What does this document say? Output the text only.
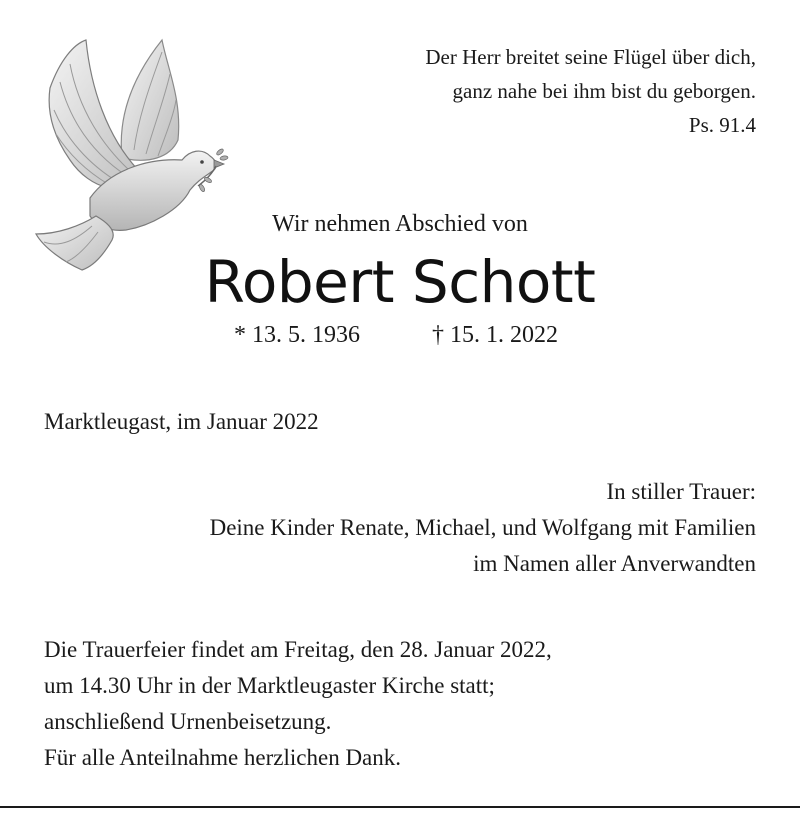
Der Herr breitet seine Flügel über dich,
ganz nahe bei ihm bist du geborgen.
Ps. 91.4
Wir nehmen Abschied von
Robert Schott
* 13. 5. 1936	† 15. 1. 2022
Marktleugast, im Januar 2022
In stiller Trauer:
Deine Kinder Renate, Michael, und Wolfgang mit Familien
im Namen aller Anverwandten
Die Trauerfeier findet am Freitag, den 28. Januar 2022,
um 14.30 Uhr in der Marktleugaster Kirche statt;
anschließend Urnenbeisetzung.
Für alle Anteilnahme herzlichen Dank.
